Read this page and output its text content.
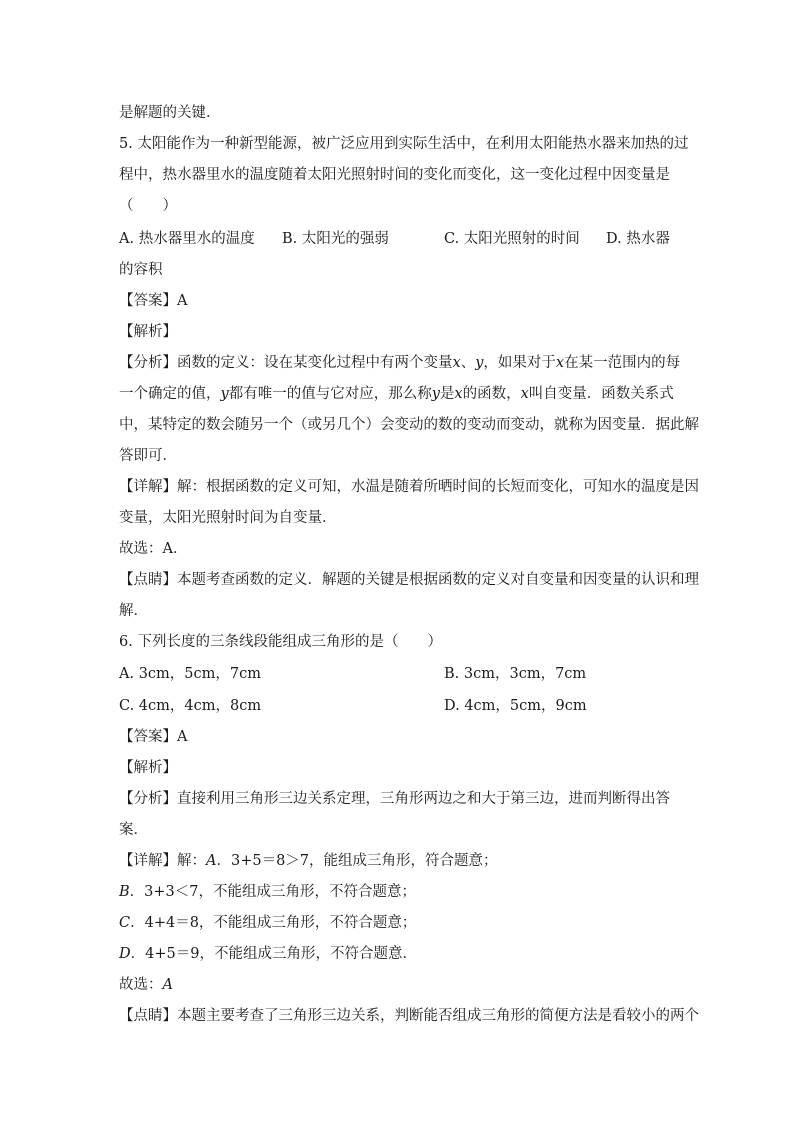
是解题的关键．
5. 太阳能作为一种新型能源，被广泛应用到实际生活中，在利用太阳能热水器来加热的过
程中，热水器里水的温度随着太阳光照射时间的变化而变化，这一变化过程中因变量是
（　　）
A. 热水器里水的温度 B. 太阳光的强弱	C. 太阳光照射的时间 D. 热水器
的容积
【答案】A
【解析】
【分析】函数的定义：设在某变化过程中有两个变量x、y，如果对于x在某一范围内的每
一个确定的值，y都有唯一的值与它对应，那么称y是x的函数，x叫自变量．函数关系式
中，某特定的数会随另一个（或另几个）会变动的数的变动而变动，就称为因变量．据此解
答即可．
【详解】解：根据函数的定义可知，水温是随着所晒时间的长短而变化，可知水的温度是因
变量，太阳光照射时间为自变量．
故选：A．
【点睛】本题考查函数的定义．解题的关键是根据函数的定义对自变量和因变量的认识和理
解．
6. 下列长度的三条线段能组成三角形的是（　　）
A. 3cm，5cm，7cm	B. 3cm，3cm，7cm
C. 4cm，4cm，8cm	D. 4cm，5cm，9cm
【答案】A
【解析】
【分析】直接利用三角形三边关系定理，三角形两边之和大于第三边，进而判断得出答
案．
【详解】解：A．3+5＝8＞7，能组成三角形，符合题意；
B．3+3＜7，不能组成三角形，不符合题意；
C．4+4＝8，不能组成三角形，不符合题意；
D．4+5＝9，不能组成三角形，不符合题意．
故选：A
【点睛】本题主要考查了三角形三边关系，判断能否组成三角形的简便方法是看较小的两个
